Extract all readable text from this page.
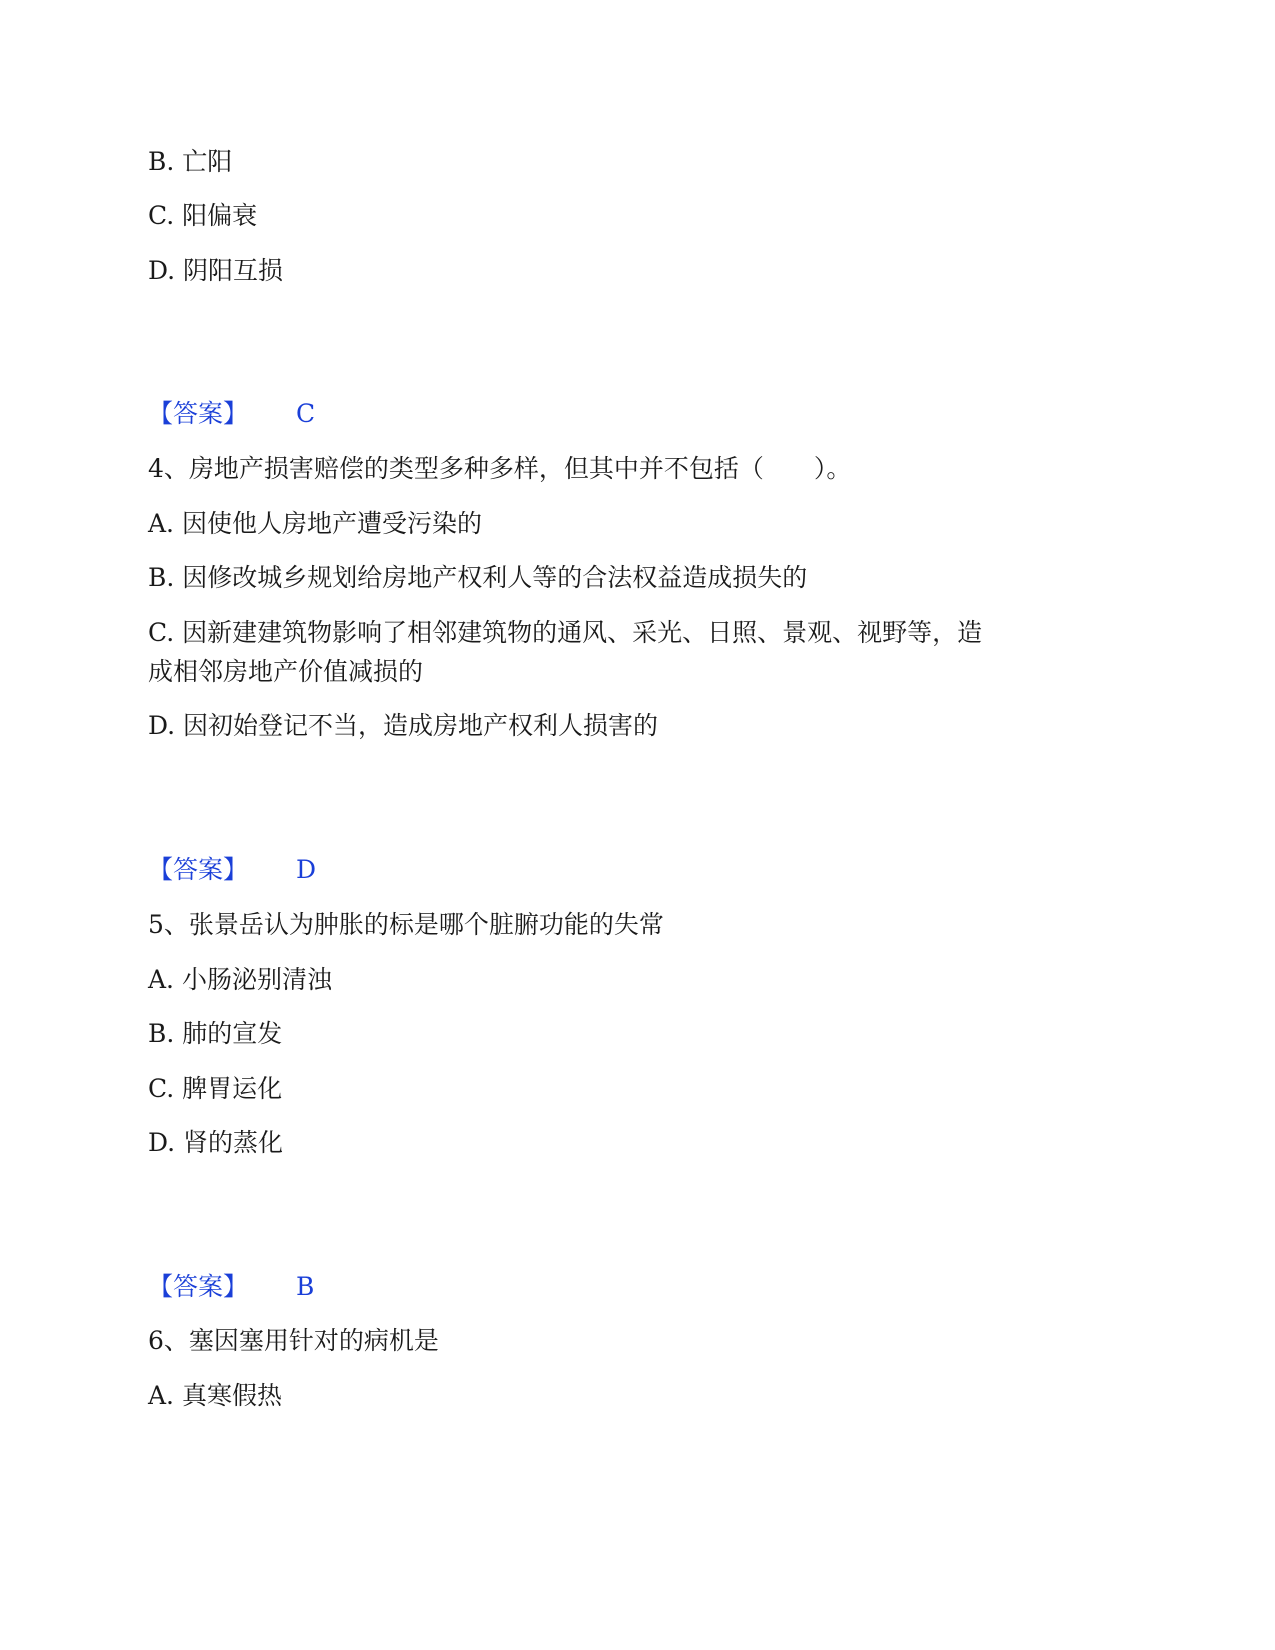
B. 亡阳
C. 阳偏衰
D. 阴阳互损
【答案】 C
4、房地产损害赔偿的类型多种多样，但其中并不包括（　　）。
A. 因使他人房地产遭受污染的
B. 因修改城乡规划给房地产权利人等的合法权益造成损失的
C. 因新建建筑物影响了相邻建筑物的通风、采光、日照、景观、视野等，造
成相邻房地产价值减损的
D. 因初始登记不当，造成房地产权利人损害的
【答案】 D
5、张景岳认为肿胀的标是哪个脏腑功能的失常
A. 小肠泌别清浊
B. 肺的宣发
C. 脾胃运化
D. 肾的蒸化
【答案】 B
6、塞因塞用针对的病机是
A. 真寒假热
